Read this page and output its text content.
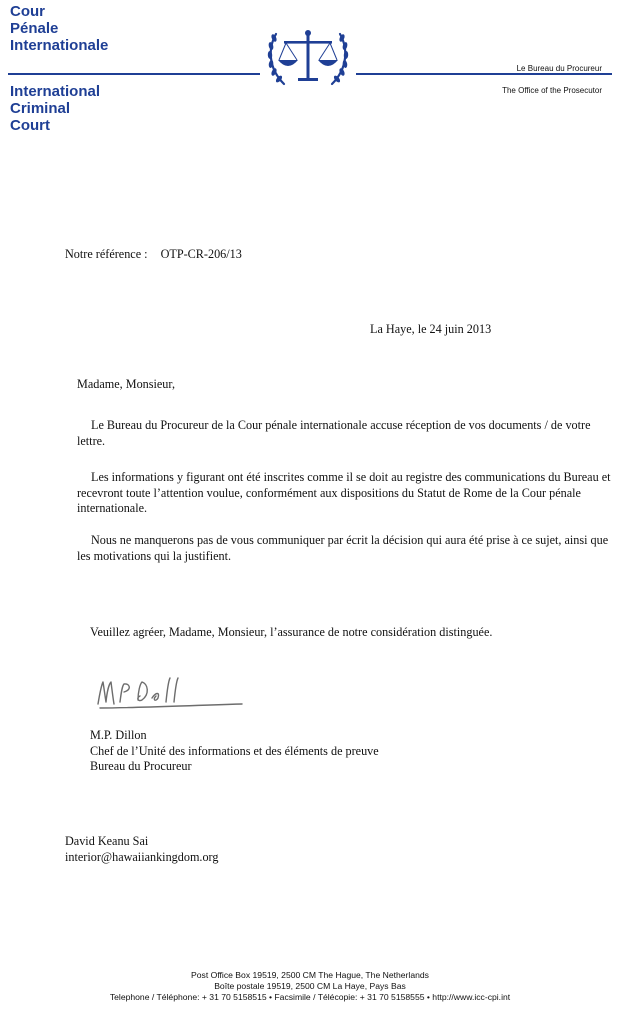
Cour
Pénale
Internationale
International
Criminal
Court
Le Bureau du Procureur
The Office of the Prosecutor
Notre référence : OTP-CR-206/13
La Haye, le 24 juin 2013
Madame, Monsieur,
Le Bureau du Procureur de la Cour pénale internationale accuse réception de vos documents / de votre lettre.
Les informations y figurant ont été inscrites comme il se doit au registre des communications du Bureau et recevront toute l’attention voulue, conformément aux dispositions du Statut de Rome de la Cour pénale internationale.
Nous ne manquerons pas de vous communiquer par écrit la décision qui aura été prise à ce sujet, ainsi que les motivations qui la justifient.
Veuillez agréer, Madame, Monsieur, l’assurance de notre considération distinguée.
M.P. Dillon
Chef de l’Unité des informations et des éléments de preuve
Bureau du Procureur
David Keanu Sai
interior@hawaiiankingdom.org
Post Office Box 19519, 2500 CM The Hague, The Netherlands
Boîte postale 19519, 2500 CM La Haye, Pays Bas
Telephone / Téléphone: + 31 70 5158515 • Facsimile / Télécopie: + 31 70 5158555 • http://www.icc-cpi.int
